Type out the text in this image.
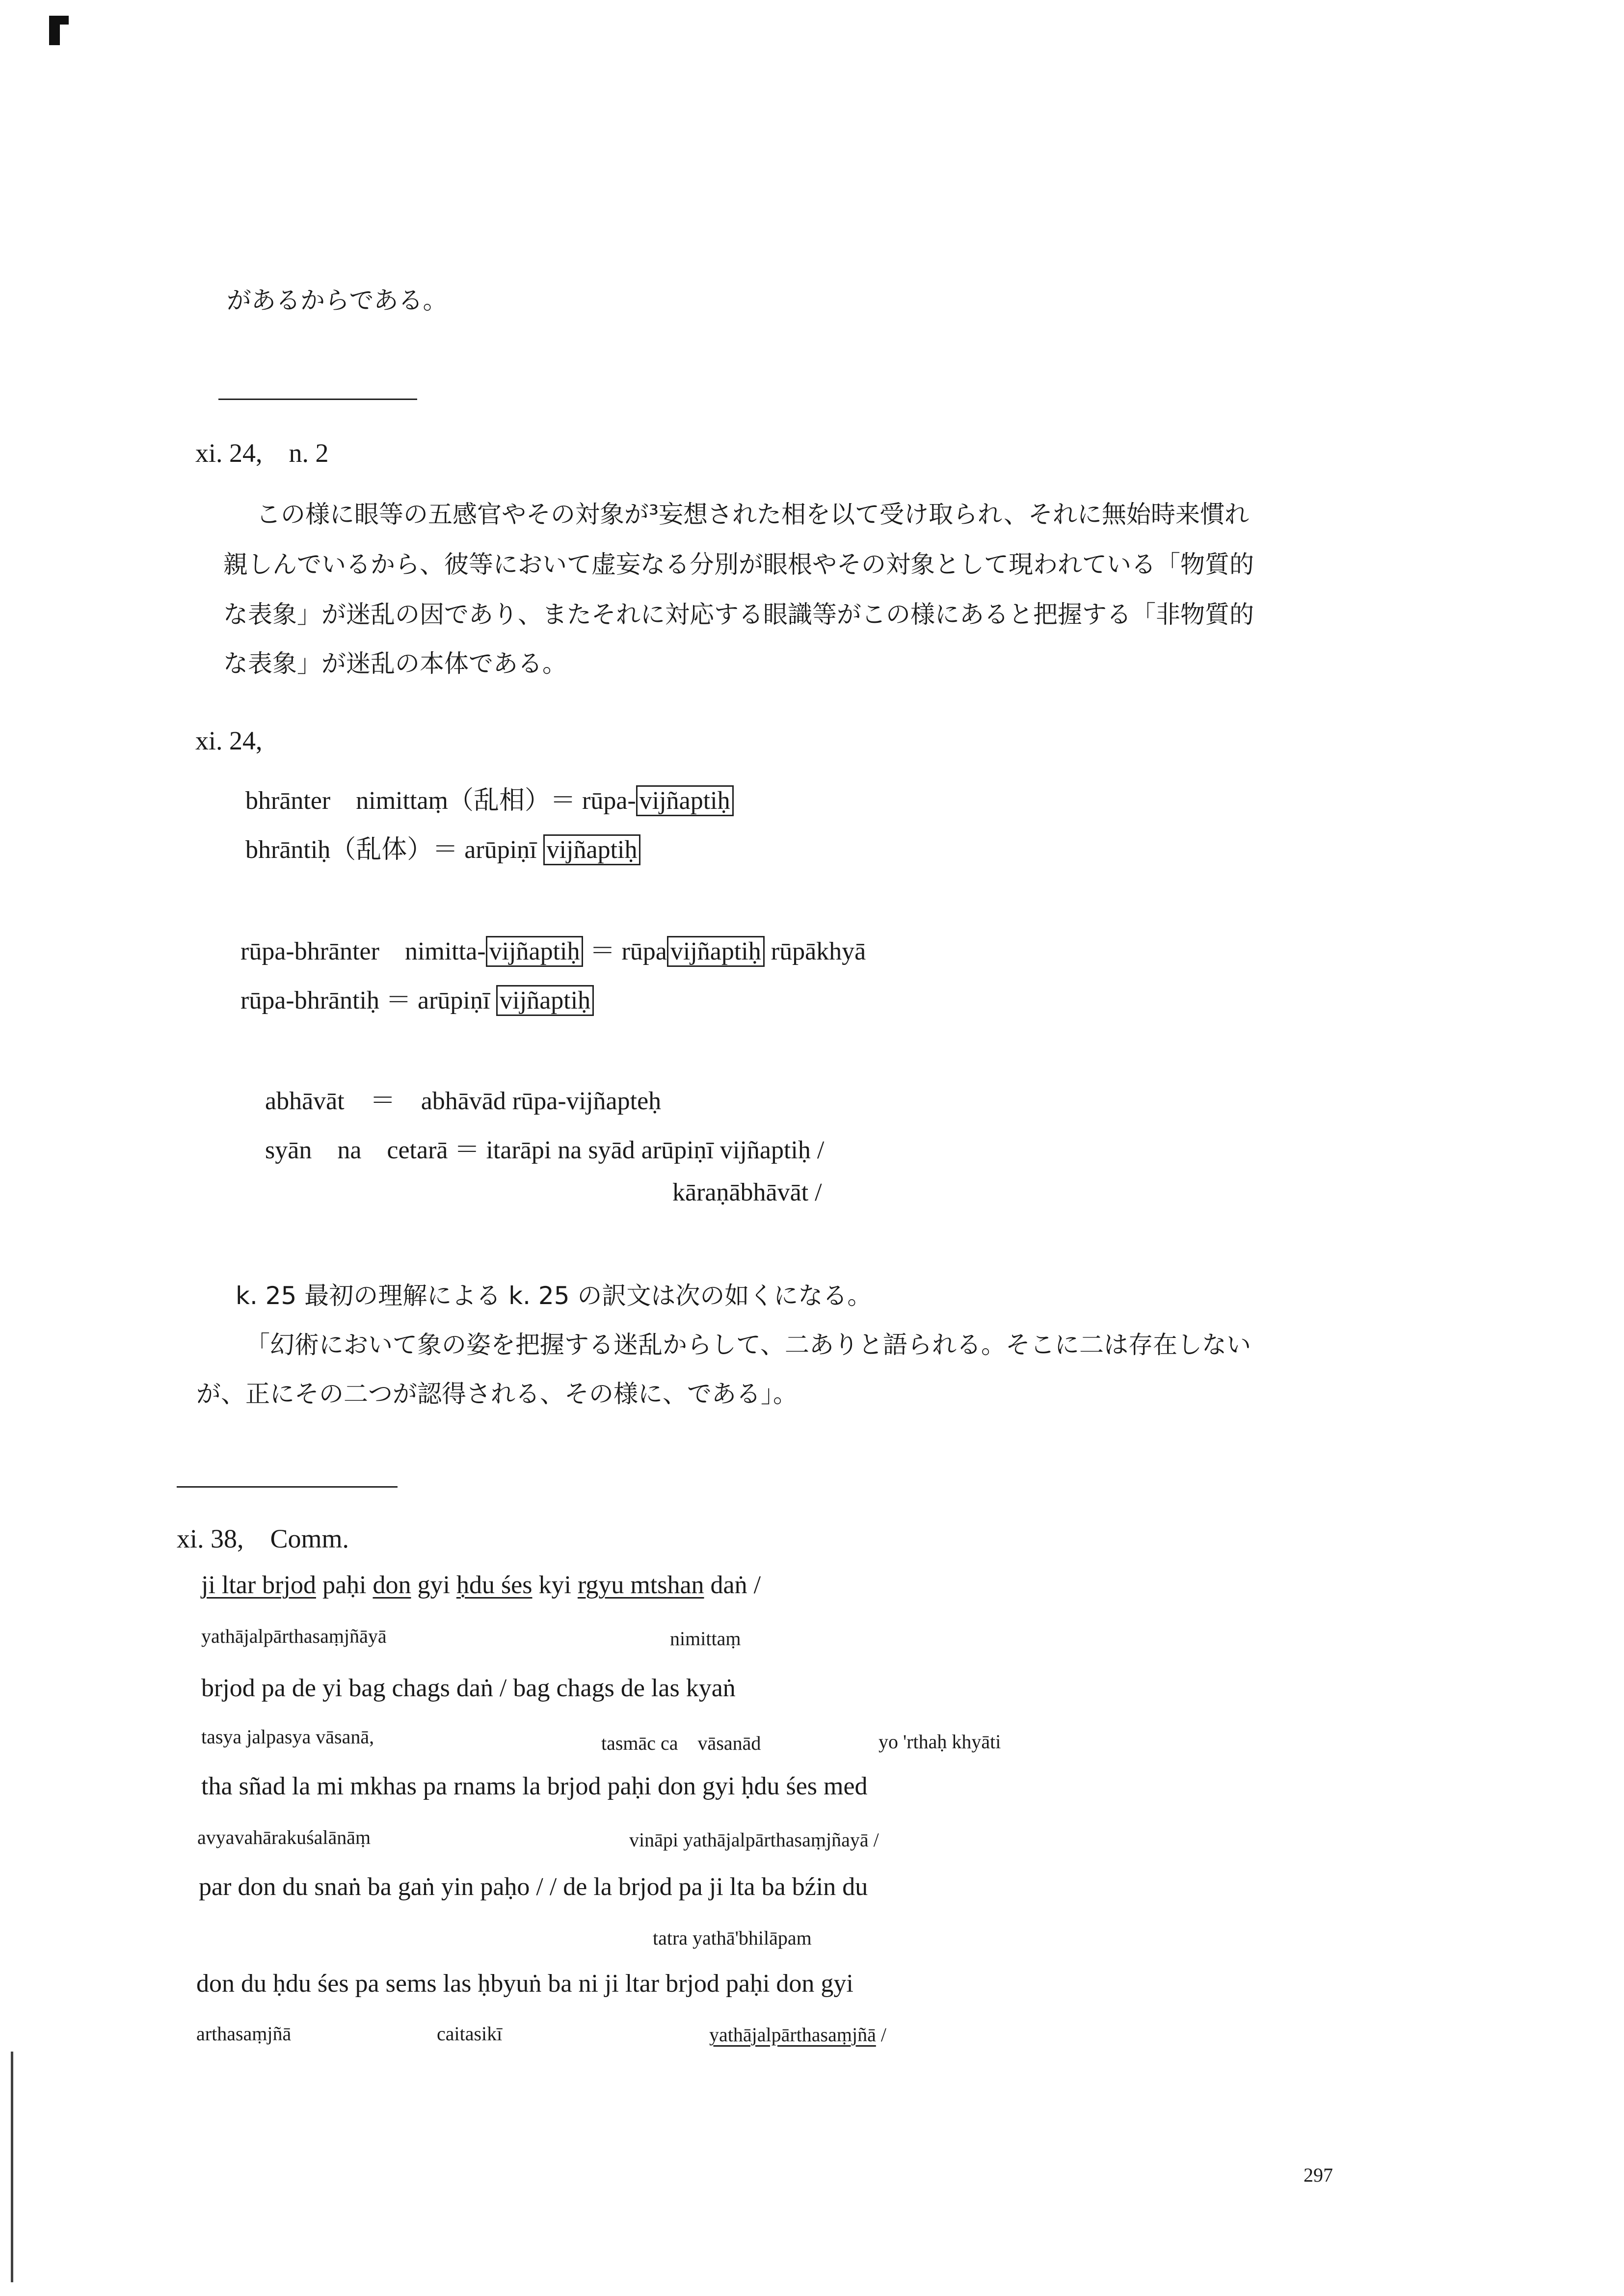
があるからである。
xi. 24,　n. 2
この様に眼等の五感官やその対象が³妄想された相を以て受け取られ、それに無始時来慣れ
親しんでいるから、彼等において虚妄なる分別が眼根やその対象として現われている「物質的
な表象」が迷乱の因であり、またそれに対応する眼識等がこの様にあると把握する「非物質的
な表象」が迷乱の本体である。
xi. 24,
bhrānter　nimittaṃ（乱相）＝ rūpa- vijñaptiḥ
bhrāntiḥ（乱体）＝ arūpiṇī vijñaptiḥ
rūpa-bhrānter　nimitta- vijñaptiḥ ＝ rūpa vijñaptiḥ rūpākhyā
rūpa-bhrāntiḥ ＝ arūpiṇī vijñaptiḥ
abhāvāt　＝　abhāvād rūpa-vijñapteḥ
syān　na　cetarā ＝ itarāpi na syād arūpiṇī vijñaptiḥ /
kāraṇābhāvāt /
k. 25 最初の理解による k. 25 の訳文は次の如くになる。
「幻術において象の姿を把握する迷乱からして、二ありと語られる。そこに二は存在しない
が、正にその二つが認得される、その様に、である」。
xi. 38,　Comm.
ji ltar brjod paḥi don gyi ḥdu śes kyi rgyu mtshan daṅ /
yathājalpārthasaṃjñāyā	nimittaṃ
brjod pa de yi bag chags daṅ / bag chags de las kyaṅ
tasya jalpasya vāsanā,	tasmāc ca　vāsanād	yo 'rthaḥ khyāti
tha sñad la mi mkhas pa rnams la brjod paḥi don gyi ḥdu śes med
avyavahārakuśalānāṃ	vināpi yathājalpārthasaṃjñayā /
par don du snaṅ ba gaṅ yin paḥo / / de la brjod pa ji lta ba bźin du
tatra yathā'bhilāpam
don du ḥdu śes pa sems las ḥbyuṅ ba ni ji ltar brjod paḥi don gyi
arthasaṃjñā	caitasikī	yathājalpārthasaṃjñā /
297
